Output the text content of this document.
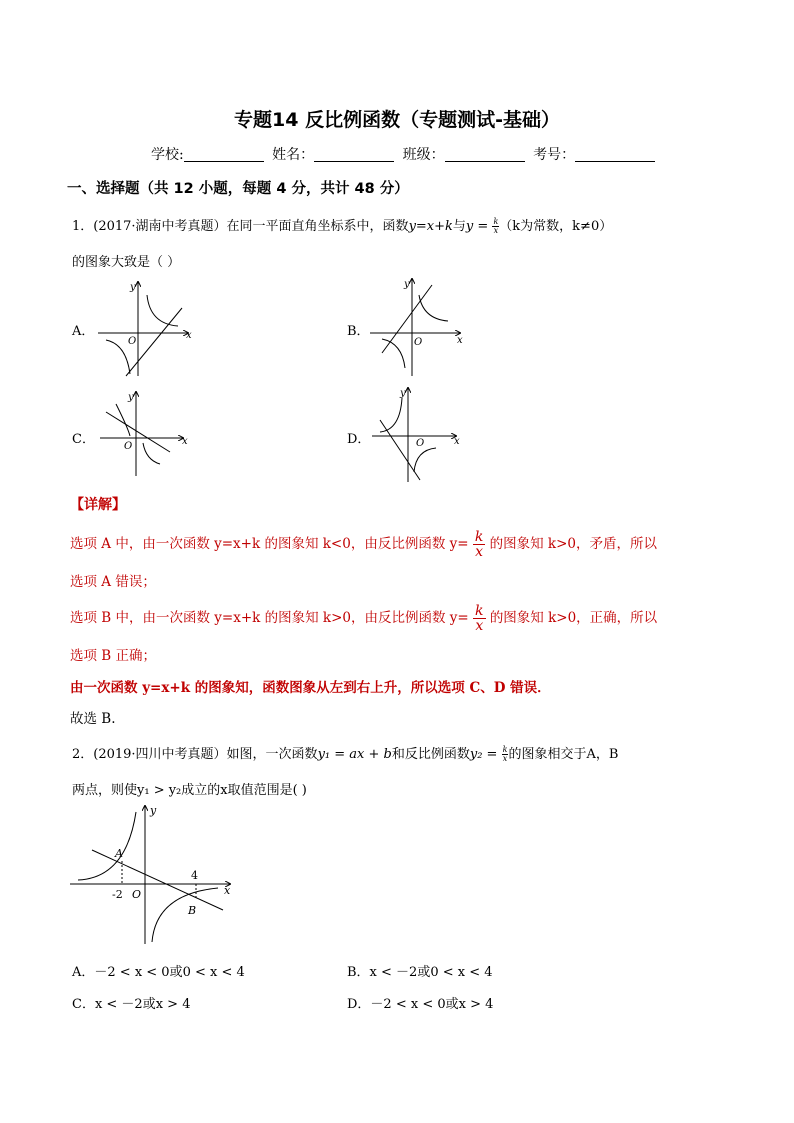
专题14 反比例函数（专题测试-基础）
学校:	姓名：	班级：	考号：
一、选择题（共 12 小题，每题 4 分，共计 48 分）
1．(2017·湖南中考真题）在同一平面直角坐标系中，函数y=x+k与$y = \frac{k}{x}(k$为常数，k≠0）
的图象大致是（ ）
A．	B．
C．	D．
x
y
O	x
y
O
x
y
O	x
y
O
【详解】
选项 A 中，由一次函数 y=x+k 的图象知 k<0，由反比例函数 $y= \frac{k}{x}$ 的图象知 k>0，矛盾，所以
选项 A 错误；
选项 B 中，由一次函数 y=x+k 的图象知 k>0，由反比例函数 $y= \frac{k}{x}$ 的图象知 k>0，正确，所以
选项 B 正确；
由一次函数 y=x+k 的图象知，函数图象从左到右上升，所以选项 C、D 错误．
故选 B.
2．(2019·四川中考真题）如图，一次函数y₁ = ax + b和反比例函数$y_2 = \frac{k}{x}$的图象相交于A，B
两点，则使y₁ > y₂成立的x取值范围是( )
A
B
-2 O
4
x
y
A．－2 < x < 0或0 < x < 4	B．x < －2或0 < x < 4
C．x < －2或x > 4	D．－2 < x < 0或x > 4
